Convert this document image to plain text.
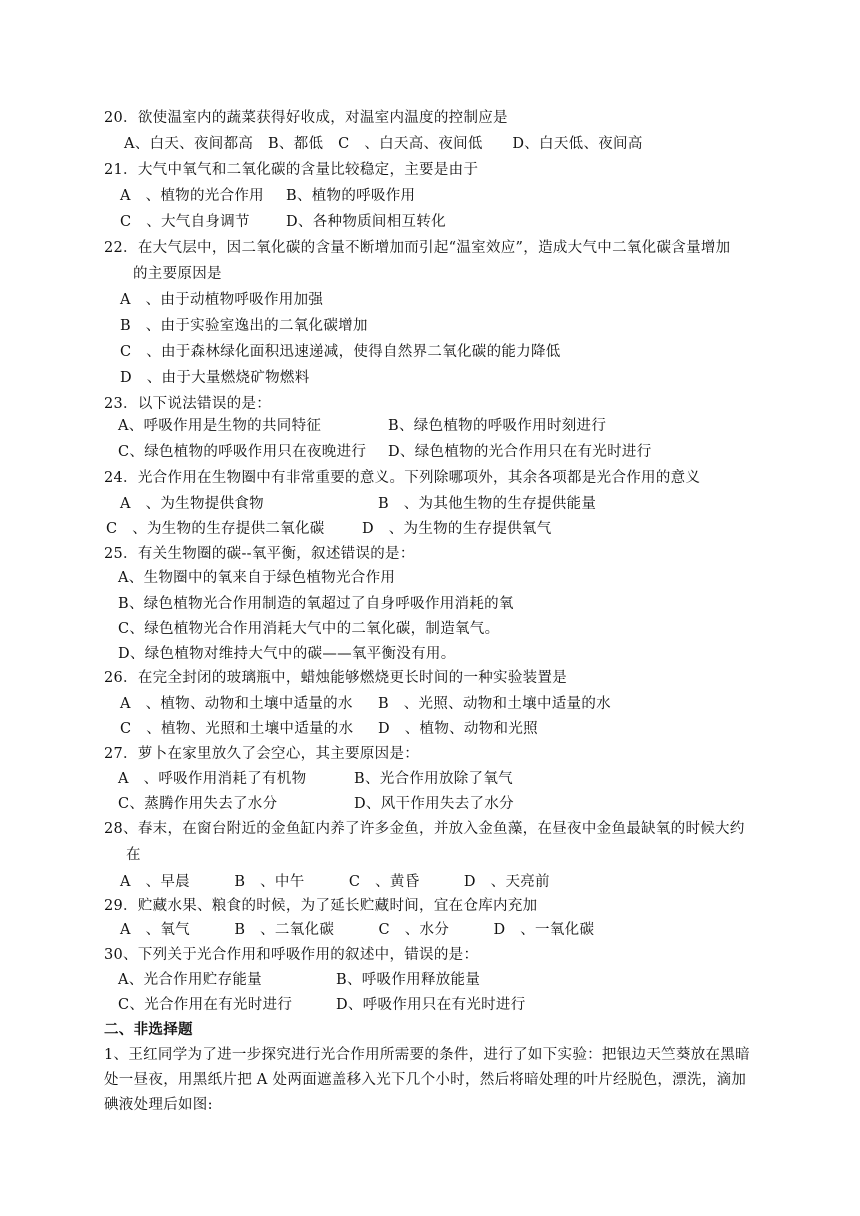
20．欲使温室内的蔬菜获得好收成，对温室内温度的控制应是
A、白天、夜间都高　B、都低　C　、白天高、夜间低　　D、白天低、夜间高
21．大气中氧气和二氧化碳的含量比较稳定，主要是由于
A　、植物的光合作用 B、植物的呼吸作用
C　、大气自身调节 D、各种物质间相互转化
22．在大气层中，因二氧化碳的含量不断增加而引起“温室效应”，造成大气中二氧化碳含量增加
的主要原因是
A　、由于动植物呼吸作用加强
B　、由于实验室逸出的二氧化碳增加
C　、由于森林绿化面积迅速递减，使得自然界二氧化碳的能力降低
D　、由于大量燃烧矿物燃料
23．以下说法错误的是：
A、呼吸作用是生物的共同特征	B、绿色植物的呼吸作用时刻进行
C、绿色植物的呼吸作用只在夜晚进行 D、绿色植物的光合作用只在有光时进行
24．光合作用在生物圈中有非常重要的意义。下列除哪项外，其余各项都是光合作用的意义
A　、为生物提供食物	B　、为其他生物的生存提供能量
C　、为生物的生存提供二氧化碳	D　、为生物的生存提供氧气
25．有关生物圈的碳--氧平衡，叙述错误的是：
A、生物圈中的氧来自于绿色植物光合作用
B、绿色植物光合作用制造的氧超过了自身呼吸作用消耗的氧
C、绿色植物光合作用消耗大气中的二氧化碳，制造氧气。
D、绿色植物对维持大气中的碳——氧平衡没有用。
26．在完全封闭的玻璃瓶中，蜡烛能够燃烧更长时间的一种实验装置是
A　、植物、动物和土壤中适量的水 B　、光照、动物和土壤中适量的水
C　、植物、光照和土壤中适量的水 D　、植物、动物和光照
27．萝卜在家里放久了会空心，其主要原因是：
A　、呼吸作用消耗了有机物	B、光合作用放除了氧气
C、蒸腾作用失去了水分	D、风干作用失去了水分
28、春末，在窗台附近的金鱼缸内养了许多金鱼，并放入金鱼藻，在昼夜中金鱼最缺氧的时候大约
在
A　、早晨　　　B　、中午　　　C　、黄昏　　　D　、天亮前
29．贮藏水果、粮食的时候，为了延长贮藏时间，宜在仓库内充加
A　、氧气　　　B　、二氧化碳　　　C　、水分　　　D　、一氧化碳
30、下列关于光合作用和呼吸作用的叙述中，错误的是：
A、光合作用贮存能量	B、呼吸作用释放能量
C、光合作用在有光时进行	D、呼吸作用只在有光时进行
二、非选择题
1、王红同学为了进一步探究进行光合作用所需要的条件，进行了如下实验：把银边天竺葵放在黑暗
处一昼夜，用黑纸片把 A 处两面遮盖移入光下几个小时，然后将暗处理的叶片经脱色，漂洗，滴加
碘液处理后如图:
